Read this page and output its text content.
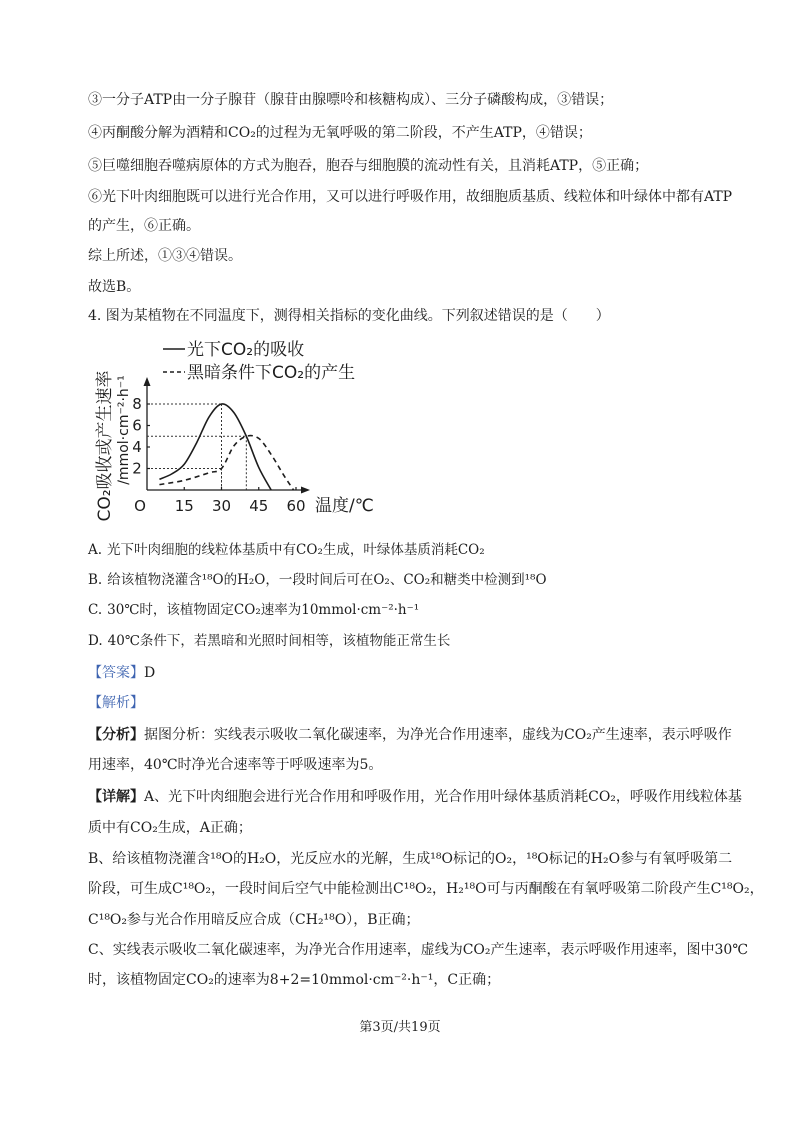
③一分子ATP由一分子腺苷（腺苷由腺嘌呤和核糖构成）、三分子磷酸构成，③错误；
④丙酮酸分解为酒精和CO₂的过程为无氧呼吸的第二阶段，不产生ATP，④错误；
⑤巨噬细胞吞噬病原体的方式为胞吞，胞吞与细胞膜的流动性有关，且消耗ATP，⑤正确；
⑥光下叶肉细胞既可以进行光合作用，又可以进行呼吸作用，故细胞质基质、线粒体和叶绿体中都有ATP
的产生，⑥正确。
综上所述，①③④错误。
故选B。
4. 图为某植物在不同温度下，测得相关指标的变化曲线。下列叙述错误的是（　　）
光下CO₂的吸收
黑暗条件下CO₂的产生
CO₂吸收或产生速率 /mmol·cm⁻²·h⁻¹
O	温度/℃
15 30 45 60
2
4
6
8
A. 光下叶肉细胞的线粒体基质中有CO₂生成，叶绿体基质消耗CO₂
B. 给该植物浇灌含¹⁸O的H₂O，一段时间后可在O₂、CO₂和糖类中检测到¹⁸O
C. 30℃时，该植物固定CO₂速率为10mmol·cm⁻²·h⁻¹
D. 40℃条件下，若黑暗和光照时间相等，该植物能正常生长
【答案】D
【解析】
【分析】据图分析：实线表示吸收二氧化碳速率，为净光合作用速率，虚线为CO₂产生速率，表示呼吸作
用速率，40℃时净光合速率等于呼吸速率为5。
【详解】A、光下叶肉细胞会进行光合作用和呼吸作用，光合作用叶绿体基质消耗CO₂，呼吸作用线粒体基
质中有CO₂生成，A正确；
B、给该植物浇灌含¹⁸O的H₂O，光反应水的光解，生成¹⁸O标记的O₂，¹⁸O标记的H₂O参与有氧呼吸第二
阶段，可生成C¹⁸O₂，一段时间后空气中能检测出C¹⁸O₂，H₂¹⁸O可与丙酮酸在有氧呼吸第二阶段产生C¹⁸O₂，
C¹⁸O₂参与光合作用暗反应合成（CH₂¹⁸O），B正确；
C、实线表示吸收二氧化碳速率，为净光合作用速率，虚线为CO₂产生速率，表示呼吸作用速率，图中30℃
时，该植物固定CO₂的速率为8+2=10mmol·cm⁻²·h⁻¹，C正确；
第3页/共19页
